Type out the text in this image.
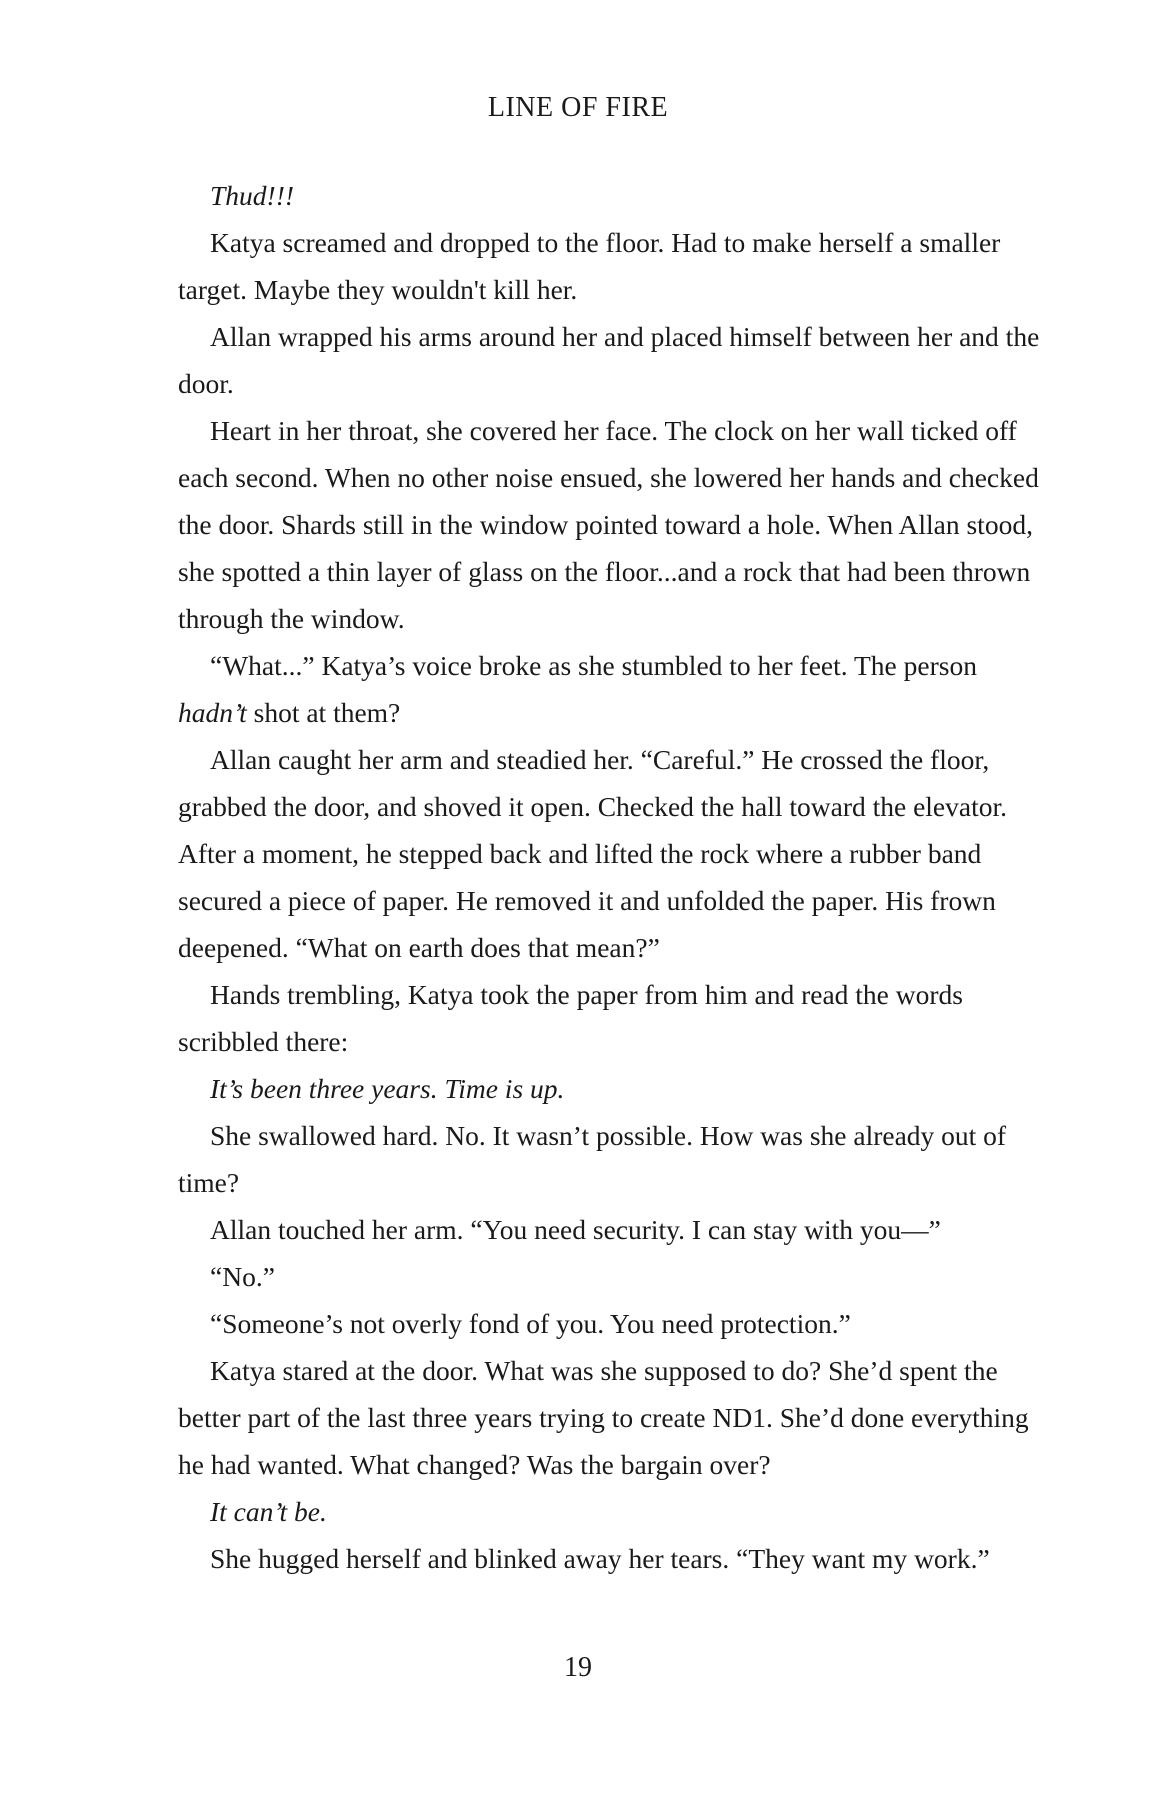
LINE OF FIRE

Thud!!!

Katya screamed and dropped to the floor. Had to make herself a smaller target. Maybe they wouldn't kill her.

Allan wrapped his arms around her and placed himself between her and the door.

Heart in her throat, she covered her face. The clock on her wall ticked off each second. When no other noise ensued, she lowered her hands and checked the door. Shards still in the window pointed toward a hole. When Allan stood, she spotted a thin layer of glass on the floor...and a rock that had been thrown through the window.

“What...” Katya’s voice broke as she stumbled to her feet. The person hadn’t shot at them?

Allan caught her arm and steadied her. “Careful.” He crossed the floor, grabbed the door, and shoved it open. Checked the hall toward the elevator. After a moment, he stepped back and lifted the rock where a rubber band secured a piece of paper. He removed it and unfolded the paper. His frown deepened. “What on earth does that mean?”

Hands trembling, Katya took the paper from him and read the words scribbled there:

It’s been three years. Time is up.

She swallowed hard. No. It wasn’t possible. How was she already out of time?

Allan touched her arm. “You need security. I can stay with you—”

“No.”

“Someone’s not overly fond of you. You need protection.”

Katya stared at the door. What was she supposed to do? She’d spent the better part of the last three years trying to create ND1. She’d done everything he had wanted. What changed? Was the bargain over?

It can’t be.

She hugged herself and blinked away her tears. “They want my work.”

19
